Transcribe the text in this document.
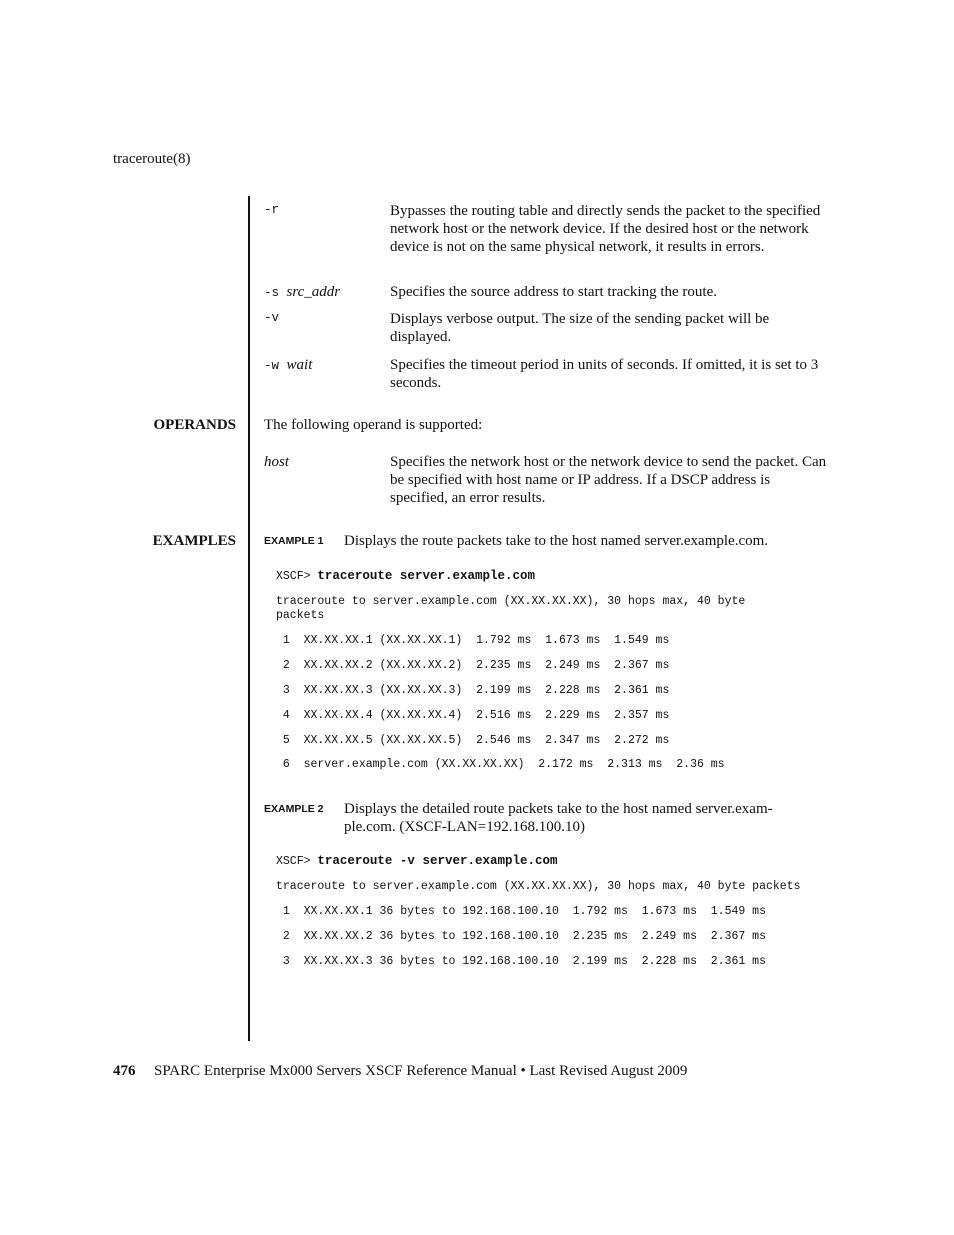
traceroute(8)
-r	Bypasses the routing table and directly sends the packet to the specified network host or the network device. If the desired host or the network device is not on the same physical network, it results in errors.
-s src_addr	Specifies the source address to start tracking the route.
-v	Displays verbose output. The size of the sending packet will be displayed.
-w wait	Specifies the timeout period in units of seconds. If omitted, it is set to 3 seconds.
OPERANDS The following operand is supported:
host	Specifies the network host or the network device to send the packet. Can be specified with host name or IP address. If a DSCP address is specified, an error results.
EXAMPLES	EXAMPLE 1 Displays the route packets take to the host named server.example.com.
XSCF> traceroute server.example.com
traceroute to server.example.com (XX.XX.XX.XX), 30 hops max, 40 byte
packets
1  XX.XX.XX.1 (XX.XX.XX.1)  1.792 ms  1.673 ms  1.549 ms
2  XX.XX.XX.2 (XX.XX.XX.2)  2.235 ms  2.249 ms  2.367 ms
3  XX.XX.XX.3 (XX.XX.XX.3)  2.199 ms  2.228 ms  2.361 ms
4  XX.XX.XX.4 (XX.XX.XX.4)  2.516 ms  2.229 ms  2.357 ms
5  XX.XX.XX.5 (XX.XX.XX.5)  2.546 ms  2.347 ms  2.272 ms
6  server.example.com (XX.XX.XX.XX)  2.172 ms  2.313 ms  2.36 ms
EXAMPLE 2 Displays the detailed route packets take to the host named server.exam-
ple.com. (XSCF-LAN=192.168.100.10)
XSCF> traceroute -v server.example.com
traceroute to server.example.com (XX.XX.XX.XX), 30 hops max, 40 byte packets
1  XX.XX.XX.1 36 bytes to 192.168.100.10  1.792 ms  1.673 ms  1.549 ms
2  XX.XX.XX.2 36 bytes to 192.168.100.10  2.235 ms  2.249 ms  2.367 ms
3  XX.XX.XX.3 36 bytes to 192.168.100.10  2.199 ms  2.228 ms  2.361 ms
476 SPARC Enterprise Mx000 Servers XSCF Reference Manual • Last Revised August 2009
